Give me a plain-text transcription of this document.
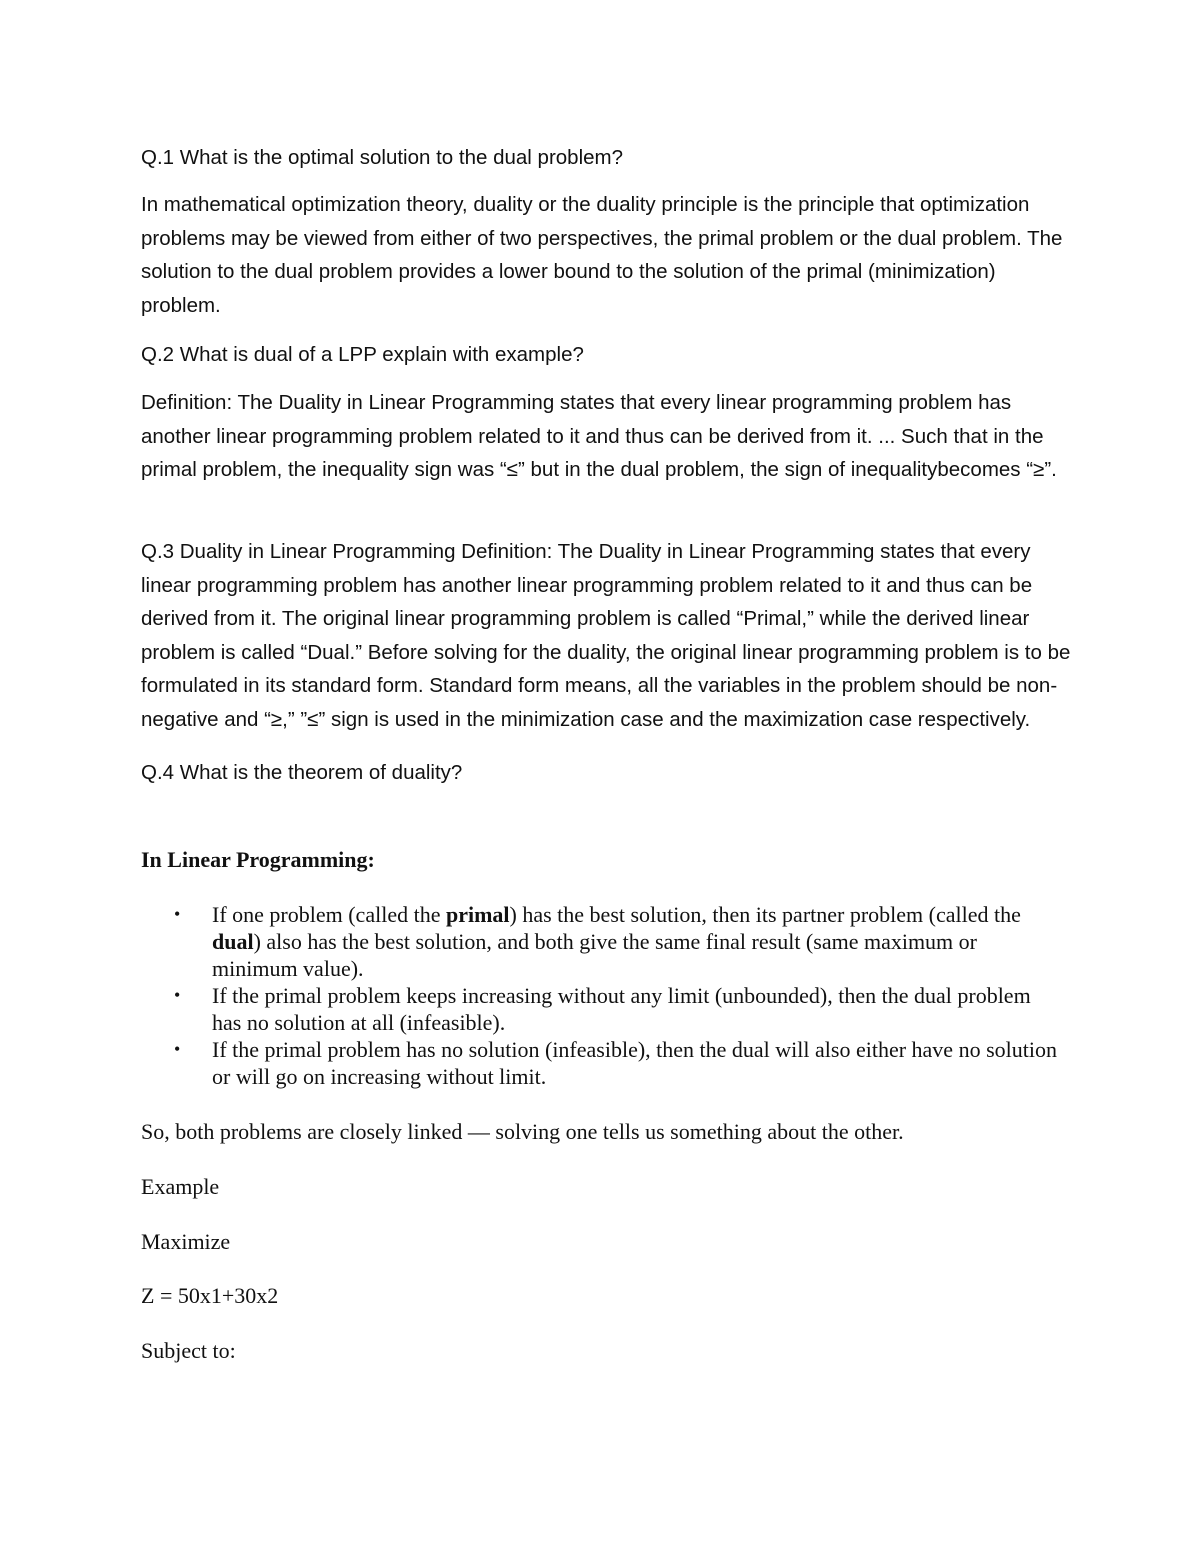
Q.1 What is the optimal solution to the dual problem?

In mathematical optimization theory, duality or the duality principle is the principle that optimization problems may be viewed from either of two perspectives, the primal problem or the dual problem. The solution to the dual problem provides a lower bound to the solution of the primal (minimization) problem.

Q.2 What is dual of a LPP explain with example?

Definition: The Duality in Linear Programming states that every linear programming problem has another linear programming problem related to it and thus can be derived from it. ... Such that in the primal problem, the inequality sign was “≤” but in the dual problem, the sign of inequalitybecomes “≥”.

Q.3 Duality in Linear Programming Definition: The Duality in Linear Programming states that every linear programming problem has another linear programming problem related to it and thus can be derived from it. The original linear programming problem is called “Primal,” while the derived linear problem is called “Dual.” Before solving for the duality, the original linear programming problem is to be formulated in its standard form. Standard form means, all the variables in the problem should be non-negative and “≥,” ”≤” sign is used in the minimization case and the maximization case respectively.

Q.4 What is the theorem of duality?

In Linear Programming:

• If one problem (called the primal) has the best solution, then its partner problem (called the dual) also has the best solution, and both give the same final result (same maximum or minimum value).
• If the primal problem keeps increasing without any limit (unbounded), then the dual problem has no solution at all (infeasible).
• If the primal problem has no solution (infeasible), then the dual will also either have no solution or will go on increasing without limit.

So, both problems are closely linked — solving one tells us something about the other.

Example

Maximize

Z = 50x1+30x2

Subject to:
